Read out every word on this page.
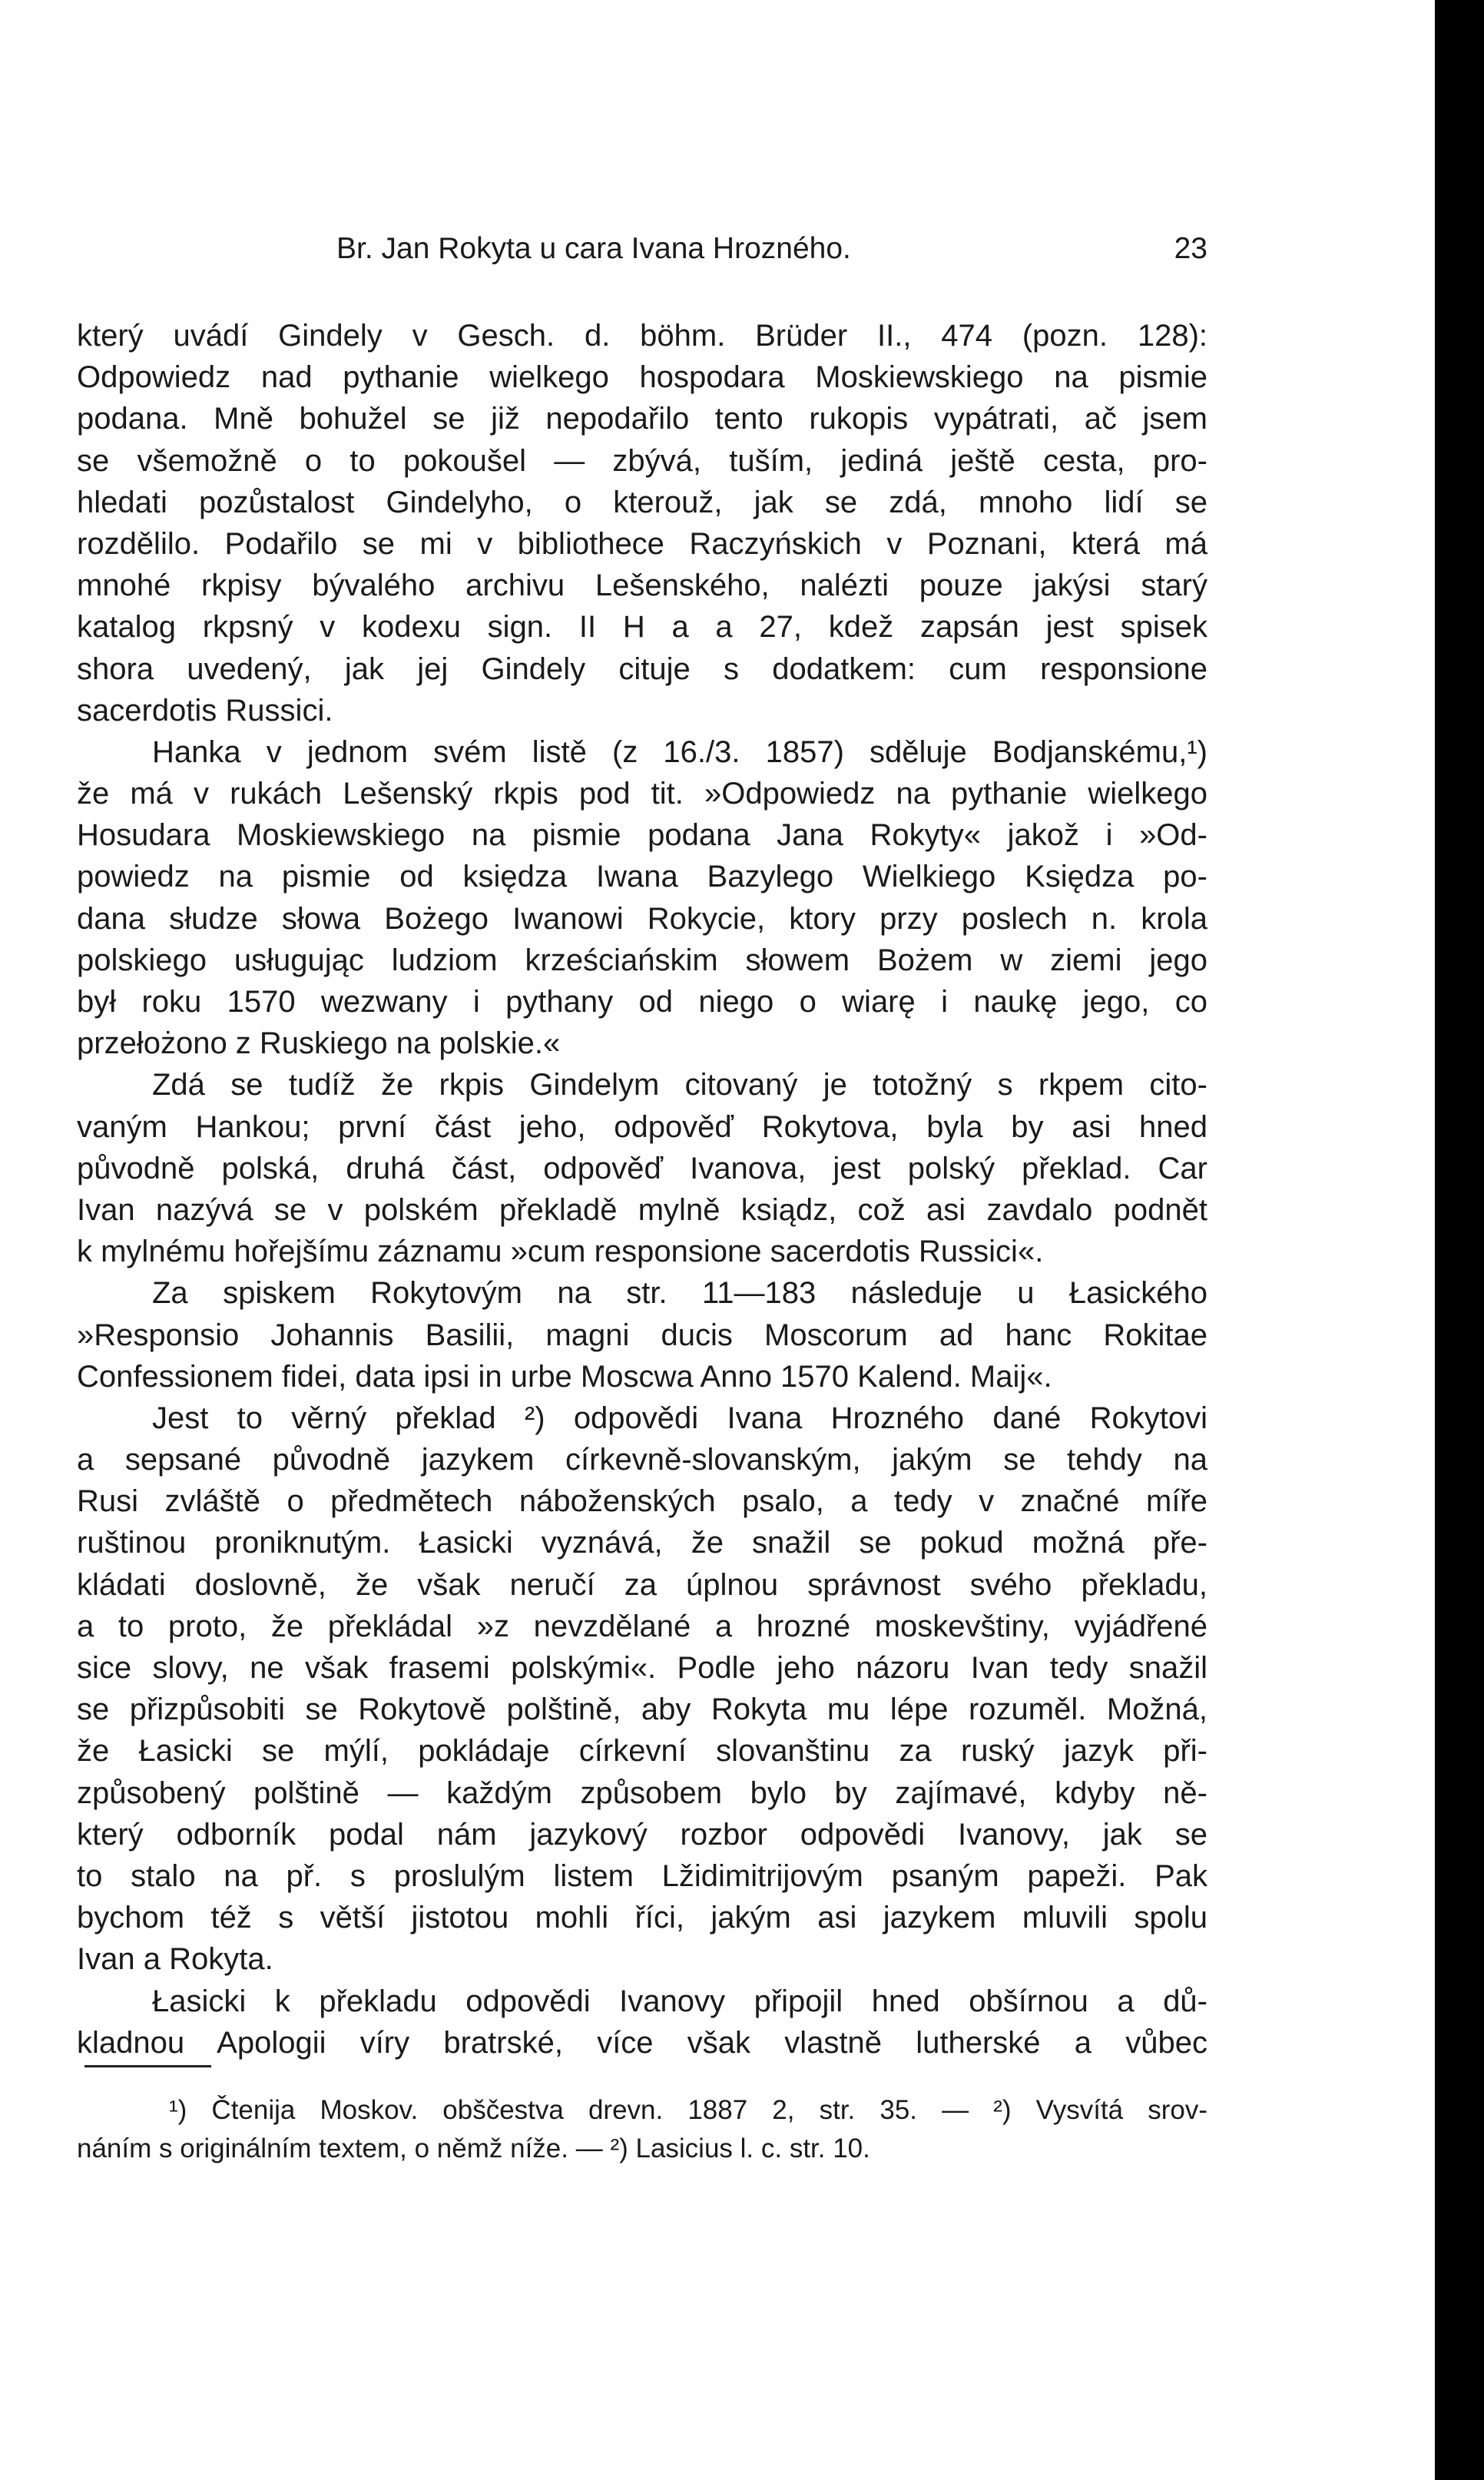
Br. Jan Rokyta u cara Ivana Hrozného.	23
který uvádí Gindely v Gesch. d. böhm. Brüder II., 474 (pozn. 128):
Odpowiedz nad pythanie wielkego hospodara Moskiewskiego na pismie
podana. Mně bohužel se již nepodařilo tento rukopis vypátrati, ač jsem
se všemožně o to pokoušel — zbývá, tuším, jediná ještě cesta, pro-
hledati pozůstalost Gindelyho, o kterouž, jak se zdá, mnoho lidí se
rozdělilo. Podařilo se mi v bibliothece Raczyńskich v Poznani, která má
mnohé rkpisy bývalého archivu Lešenského, nalézti pouze jakýsi starý
katalog rkpsný v kodexu sign. II H a a 27, kdež zapsán jest spisek
shora uvedený, jak jej Gindely cituje s dodatkem: cum responsione
sacerdotis Russici.
Hanka v jednom svém listě (z 16./3. 1857) sděluje Bodjanskému,¹)
že má v rukách Lešenský rkpis pod tit. »Odpowiedz na pythanie wielkego
Hosudara Moskiewskiego na pismie podana Jana Rokyty« jakož i »Od-
powiedz na pismie od księdza Iwana Bazylego Wielkiego Księdza po-
dana słudze słowa Bożego Iwanowi Rokycie, ktory przy poslech n. krola
polskiego usługując ludziom krześciańskim słowem Bożem w ziemi jego
był roku 1570 wezwany i pythany od niego o wiarę i naukę jego, co
przełożono z Ruskiego na polskie.«
Zdá se tudíž že rkpis Gindelym citovaný je totožný s rkpem cito-
vaným Hankou; první část jeho, odpověď Rokytova, byla by asi hned
původně polská, druhá část, odpověď Ivanova, jest polský překlad. Car
Ivan nazývá se v polském překladě mylně ksiądz, což asi zavdalo podnět
k mylnému hořejšímu záznamu »cum responsione sacerdotis Russici«.
Za spiskem Rokytovým na str. 11—183 následuje u Łasického
»Responsio Johannis Basilii, magni ducis Moscorum ad hanc Rokitae
Confessionem fidei, data ipsi in urbe Moscwa Anno 1570 Kalend. Maij«.
Jest to věrný překlad ²) odpovědi Ivana Hrozného dané Rokytovi
a sepsané původně jazykem církevně-slovanským, jakým se tehdy na
Rusi zvláště o předmětech náboženských psalo, a tedy v značné míře
ruštinou proniknutým. Łasicki vyznává, že snažil se pokud možná pře-
kládati doslovně, že však neručí za úplnou správnost svého překladu,
a to proto, že překládal »z nevzdělané a hrozné moskevštiny, vyjádřené
sice slovy, ne však frasemi polskými«. Podle jeho názoru Ivan tedy snažil
se přizpůsobiti se Rokytově polštině, aby Rokyta mu lépe rozuměl. Možná,
že Łasicki se mýlí, pokládaje církevní slovanštinu za ruský jazyk při-
způsobený polštině — každým způsobem bylo by zajímavé, kdyby ně-
který odborník podal nám jazykový rozbor odpovědi Ivanovy, jak se
to stalo na př. s proslulým listem Lžidimitrijovým psaným papeži. Pak
bychom též s větší jistotou mohli říci, jakým asi jazykem mluvili spolu
Ivan a Rokyta.
Łasicki k překladu odpovědi Ivanovy připojil hned obšírnou a dů-
kladnou Apologii víry bratrské, více však vlastně lutherské a vůbec
¹) Čtenija Moskov. obščestva drevn. 1887 2, str. 35. — ²) Vysvítá srov-
náním s originálním textem, o němž níže. — ²) Lasicius l. c. str. 10.
